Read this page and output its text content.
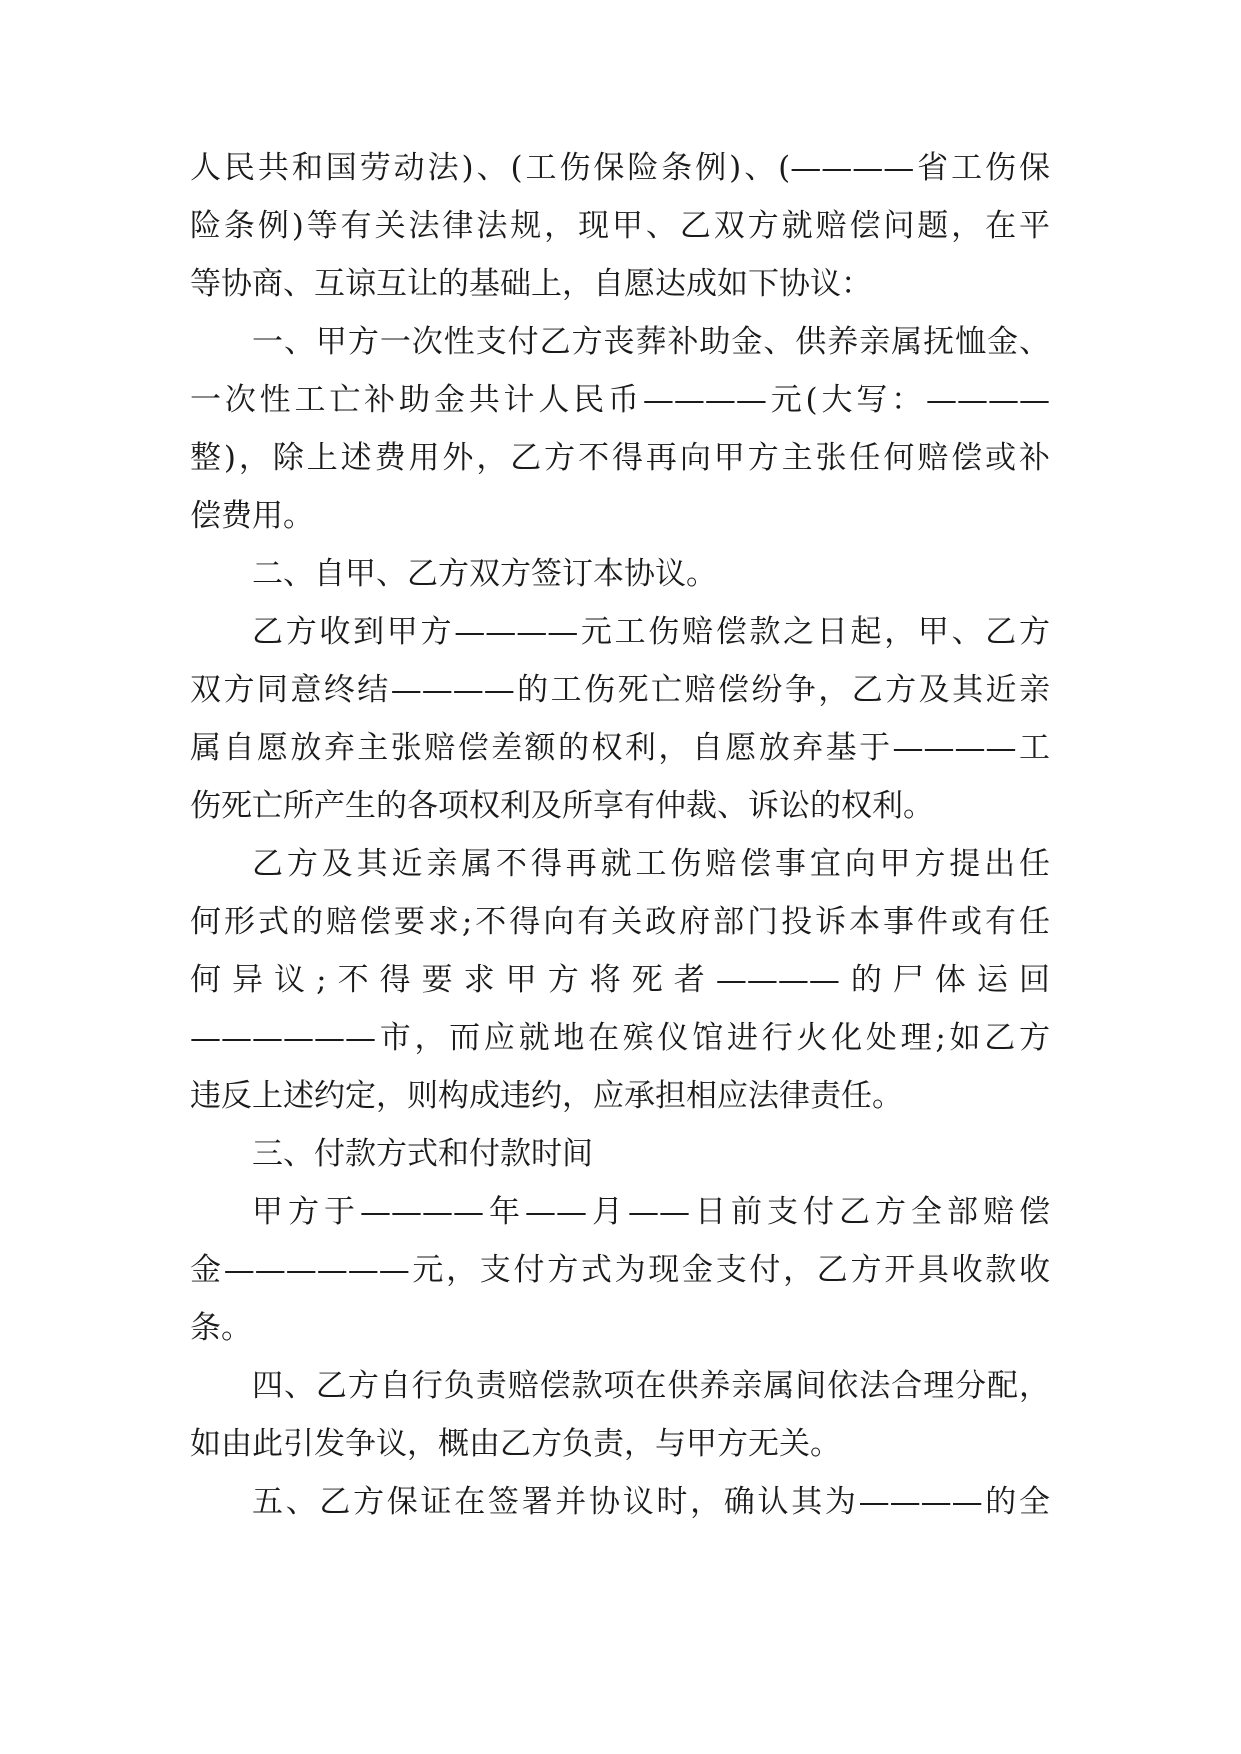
人民共和国劳动法)、(工伤保险条例)、(————省工伤保
险条例)等有关法律法规，现甲、乙双方就赔偿问题，在平
等协商、互谅互让的基础上，自愿达成如下协议：
一、甲方一次性支付乙方丧葬补助金、供养亲属抚恤金、
一次性工亡补助金共计人民币————元(大写：————
整)，除上述费用外，乙方不得再向甲方主张任何赔偿或补
偿费用。
二、自甲、乙方双方签订本协议。
乙方收到甲方————元工伤赔偿款之日起，甲、乙方
双方同意终结————的工伤死亡赔偿纷争，乙方及其近亲
属自愿放弃主张赔偿差额的权利，自愿放弃基于————工
伤死亡所产生的各项权利及所享有仲裁、诉讼的权利。
乙方及其近亲属不得再就工伤赔偿事宜向甲方提出任
何形式的赔偿要求;不得向有关政府部门投诉本事件或有任
何异议;不得要求甲方将死者————的尸体运回
——————市，而应就地在殡仪馆进行火化处理;如乙方
违反上述约定，则构成违约，应承担相应法律责任。
三、付款方式和付款时间
甲方于————年——月——日前支付乙方全部赔偿
金——————元，支付方式为现金支付，乙方开具收款收
条。
四、乙方自行负责赔偿款项在供养亲属间依法合理分配，
如由此引发争议，概由乙方负责，与甲方无关。
五、乙方保证在签署并协议时，确认其为————的全
